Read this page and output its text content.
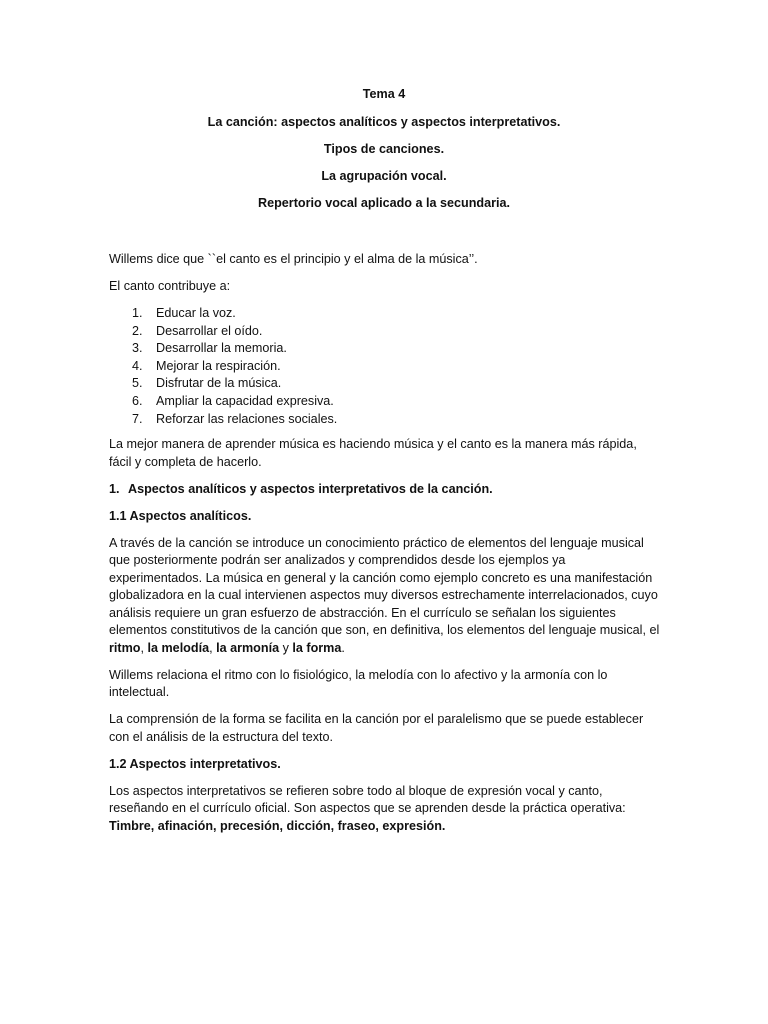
Tema 4
La canción: aspectos analíticos y aspectos interpretativos.
Tipos de canciones.
La agrupación vocal.
Repertorio vocal aplicado a la secundaria.

Willems dice que ``el canto es el principio y el alma de la música’’.

El canto contribuye a:

1.	Educar la voz.
2.	Desarrollar el oído.
3.	Desarrollar la memoria.
4.	Mejorar la respiración.
5.	Disfrutar de la música.
6.	Ampliar la capacidad expresiva.
7.	Reforzar las relaciones sociales.

La mejor manera de aprender música es haciendo música y el canto es la manera más rápida, fácil y completa de hacerlo.

1. Aspectos analíticos y aspectos interpretativos de la canción.

1.1 Aspectos analíticos.

A través de la canción se introduce un conocimiento práctico de elementos del lenguaje musical que posteriormente podrán ser analizados y comprendidos desde los ejemplos ya experimentados. La música en general y la canción como ejemplo concreto es una manifestación globalizadora en la cual intervienen aspectos muy diversos estrechamente interrelacionados, cuyo análisis requiere un gran esfuerzo de abstracción. En el currículo se señalan los siguientes elementos constitutivos de la canción que son, en definitiva, los elementos del lenguaje musical, el ritmo, la melodía, la armonía y la forma.

Willems relaciona el ritmo con lo fisiológico, la melodía con lo afectivo y la armonía con lo intelectual.

La comprensión de la forma se facilita en la canción por el paralelismo que se puede establecer con el análisis de la estructura del texto.

1.2 Aspectos interpretativos.

Los aspectos interpretativos se refieren sobre todo al bloque de expresión vocal y canto, reseñando en el currículo oficial. Son aspectos que se aprenden desde la práctica operativa:
Timbre, afinación, precesión, dicción, fraseo, expresión.
